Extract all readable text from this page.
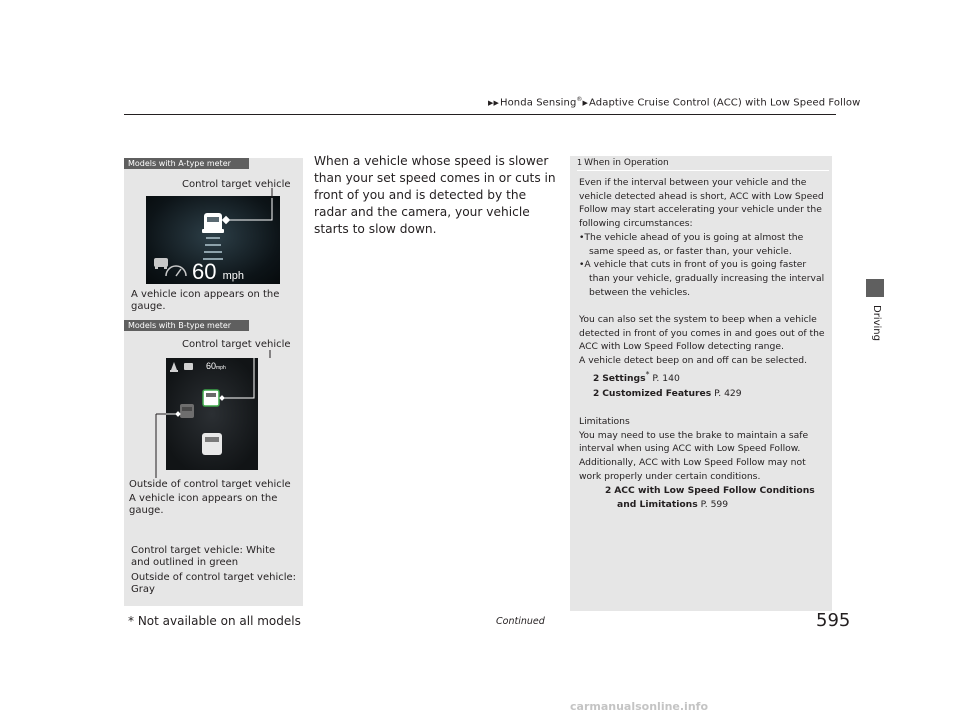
▶▶Honda Sensing®▶Adaptive Cruise Control (ACC) with Low Speed Follow
Driving
Models with A-type meter
Control target vehicle
60 mph
A vehicle icon appears on the gauge.
Models with B-type meter
Control target vehicle
60mph
Outside of control target vehicle
A vehicle icon appears on the gauge.
Control target vehicle: White and outlined in green
Outside of control target vehicle: Gray
When a vehicle whose speed is slower than your set speed comes in or cuts in front of you and is detected by the radar and the camera, your vehicle starts to slow down.
1 When in Operation

Even if the interval between your vehicle and the vehicle detected ahead is short, ACC with Low Speed Follow may start accelerating your vehicle under the following circumstances:

•The vehicle ahead of you is going at almost the same speed as, or faster than, your vehicle.

•A vehicle that cuts in front of you is going faster than your vehicle, gradually increasing the interval between the vehicles.

You can also set the system to beep when a vehicle detected in front of you comes in and goes out of the ACC with Low Speed Follow detecting range.

A vehicle detect beep on and off can be selected.

2 Settings* P. 140

2 Customized Features P. 429

Limitations

You may need to use the brake to maintain a safe interval when using ACC with Low Speed Follow. Additionally, ACC with Low Speed Follow may not work properly under certain conditions.

2 ACC with Low Speed Follow Conditions and Limitations P. 599

* Not available on all models	Continued	595
carmanualsonline.info
